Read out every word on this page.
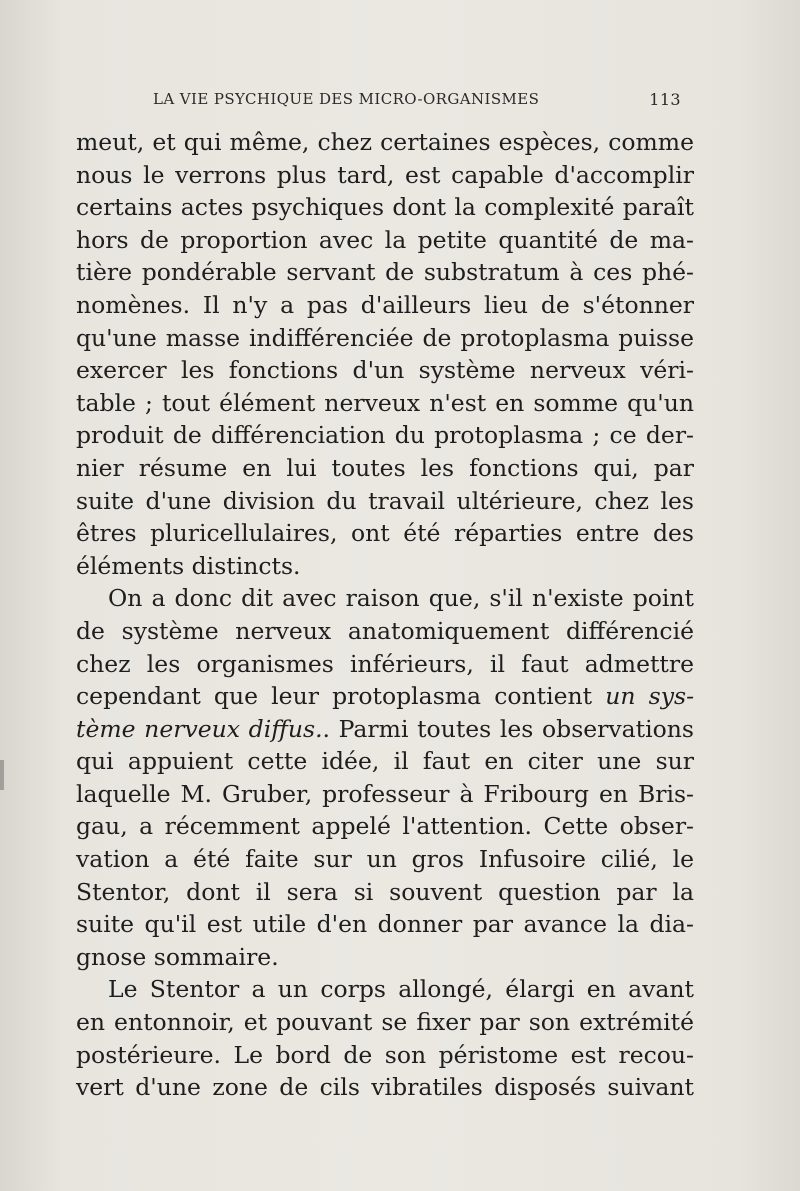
LA VIE PSYCHIQUE DES MICRO-ORGANISMES	113
meut, et qui même, chez certaines espèces, comme
nous le verrons plus tard, est capable d'accomplir
certains actes psychiques dont la complexité paraît
hors de proportion avec la petite quantité de ma-
tière pondérable servant de substratum à ces phé-
nomènes. Il n'y a pas d'ailleurs lieu de s'étonner
qu'une masse indifférenciée de protoplasma puisse
exercer les fonctions d'un système nerveux véri-
table ; tout élément nerveux n'est en somme qu'un
produit de différenciation du protoplasma ; ce der-
nier résume en lui toutes les fonctions qui, par
suite d'une division du travail ultérieure, chez les
êtres pluricellulaires, ont été réparties entre des
éléments distincts.
On a donc dit avec raison que, s'il n'existe point
de système nerveux anatomiquement différencié
chez les organismes inférieurs, il faut admettre
cependant que leur protoplasma contient un sys-
tème nerveux diffus.. Parmi toutes les observations
qui appuient cette idée, il faut en citer une sur
laquelle M. Gruber, professeur à Fribourg en Bris-
gau, a récemment appelé l'attention. Cette obser-
vation a été faite sur un gros Infusoire cilié, le
Stentor, dont il sera si souvent question par la
suite qu'il est utile d'en donner par avance la dia-
gnose sommaire.
Le Stentor a un corps allongé, élargi en avant
en entonnoir, et pouvant se fixer par son extrémité
postérieure. Le bord de son péristome est recou-
vert d'une zone de cils vibratiles disposés suivant
